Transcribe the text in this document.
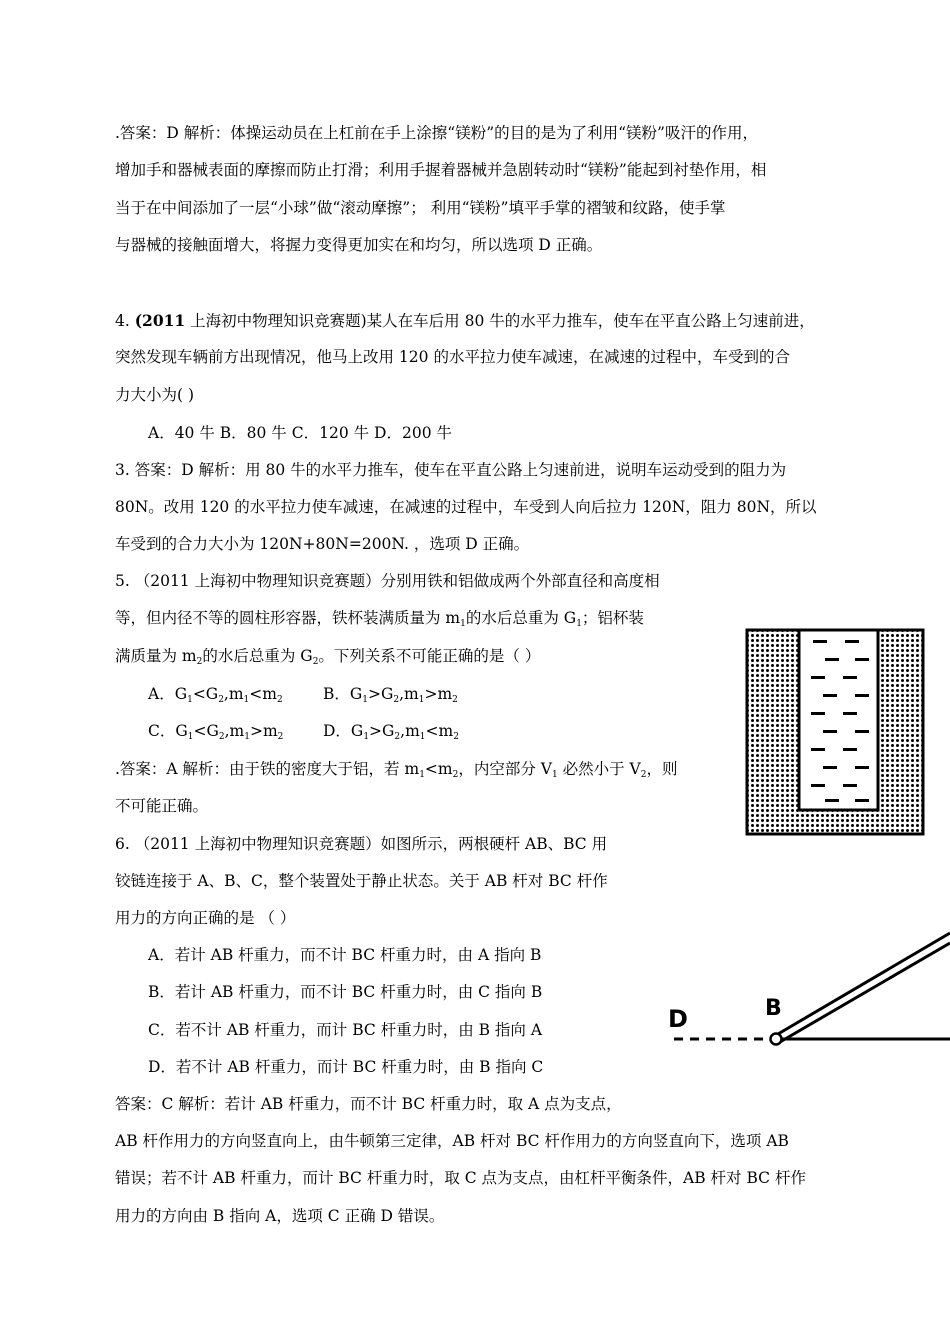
.答案：D 解析：体操运动员在上杠前在手上涂擦“镁粉”的目的是为了利用“镁粉”吸汗的作用，
增加手和器械表面的摩擦而防止打滑；利用手握着器械并急剧转动时“镁粉”能起到衬垫作用，相
当于在中间添加了一层“小球”做“滚动摩擦”； 利用“镁粉”填平手掌的褶皱和纹路，使手掌
与器械的接触面增大，将握力变得更加实在和均匀，所以选项 D 正确。
4. (2011 上海初中物理知识竞赛题)某人在车后用 80 牛的水平力推车，使车在平直公路上匀速前进，
突然发现车辆前方出现情况，他马上改用 120 的水平拉力使车减速，在减速的过程中，车受到的合
力大小为( )
A．40 牛 B．80 牛 C．120 牛 D．200 牛
3. 答案：D 解析：用 80 牛的水平力推车，使车在平直公路上匀速前进，说明车运动受到的阻力为
80N。改用 120 的水平拉力使车减速，在减速的过程中，车受到人向后拉力 120N，阻力 80N，所以
车受到的合力大小为 120N+80N=200N. ，选项 D 正确。
5. （2011 上海初中物理知识竞赛题）分别用铁和铝做成两个外部直径和高度相
等，但内径不等的圆柱形容器，铁杯装满质量为 $m_1$的水后总重为 $G_1$；铝杯装
满质量为 $m_2$的水后总重为 $G_2$。下列关系不可能正确的是（ ）
A．$G_1<G_2,m_1<m_2$	B．$G_1>G_2,m_1>m_2$
C．$G_1<G_2,m_1>m_2$	D．$G_1>G_2,m_1<m_2$
.答案：A 解析：由于铁的密度大于铝，若 $m_1<m_2$，内空部分 $V_1$ 必然小于 $V_2$，则
不可能正确。
6. （2011 上海初中物理知识竞赛题）如图所示，两根硬杆 AB、BC 用
铰链连接于 A、B、C，整个装置处于静止状态。关于 AB 杆对 BC 杆作
用力的方向正确的是 （ ）
A．若计 AB 杆重力，而不计 BC 杆重力时，由 A 指向 B
B．若计 AB 杆重力，而不计 BC 杆重力时，由 C 指向 B
C．若不计 AB 杆重力，而计 BC 杆重力时，由 B 指向 A
D．若不计 AB 杆重力，而计 BC 杆重力时，由 B 指向 C
答案：C 解析：若计 AB 杆重力，而不计 BC 杆重力时，取 A 点为支点，
AB 杆作用力的方向竖直向上，由牛顿第三定律，AB 杆对 BC 杆作用力的方向竖直向下，选项 AB
错误；若不计 AB 杆重力，而计 BC 杆重力时，取 C 点为支点，由杠杆平衡条件，AB 杆对 BC 杆作
用力的方向由 B 指向 A，选项 C 正确 D 错误。
D	B
